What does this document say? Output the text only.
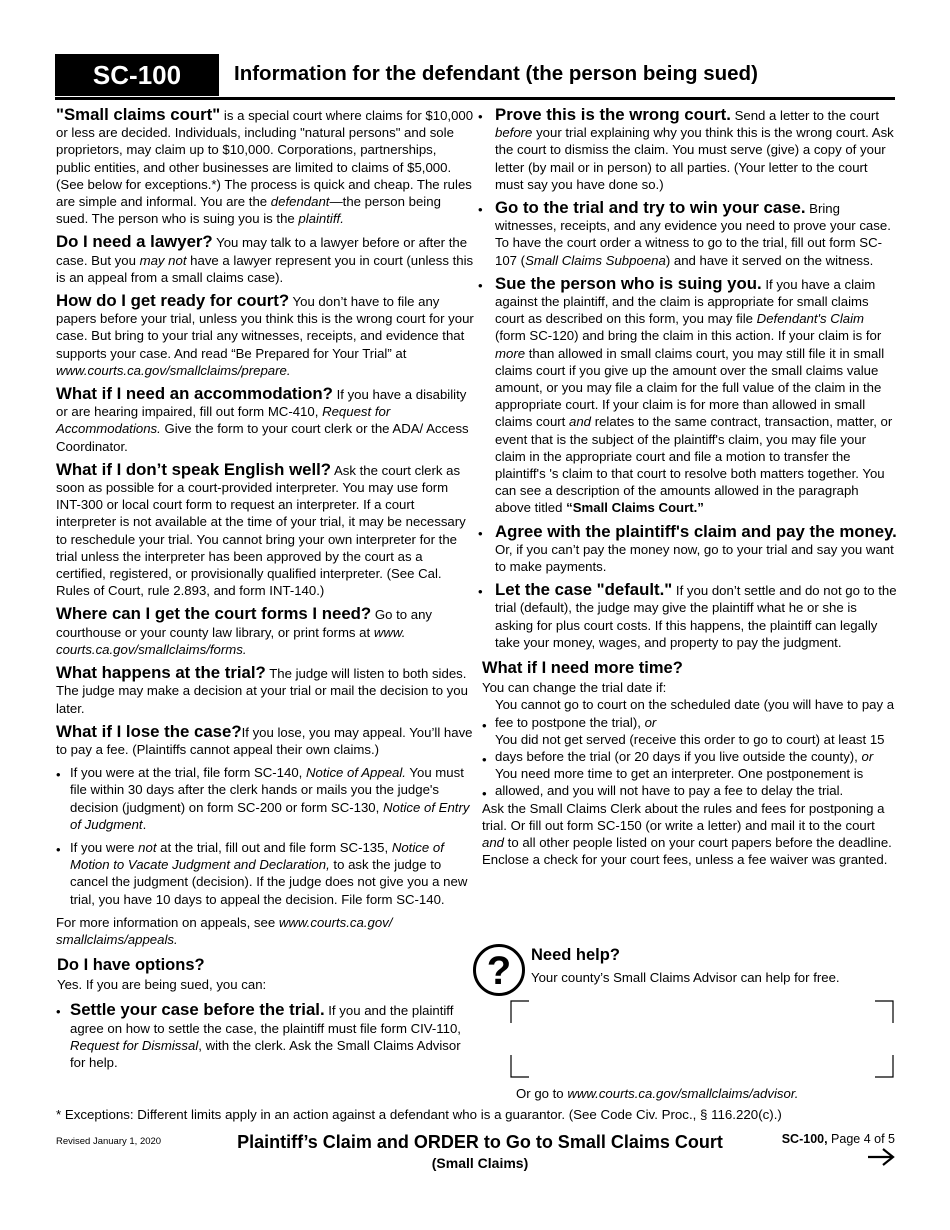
SC-100	Information for the defendant (the person being sued)

"Small claims court" is a special court where claims for $10,000 or less are decided. Individuals, including "natural persons" and sole proprietors, may claim up to $10,000. Corporations, partnerships, public entities, and other businesses are limited to claims of $5,000. (See below for exceptions.*) The process is quick and cheap. The rules are simple and informal. You are the defendant—the person being sued. The person who is suing you is the plaintiff.

Do I need a lawyer? You may talk to a lawyer before or after the case. But you may not have a lawyer represent you in court (unless this is an appeal from a small claims case).

How do I get ready for court? You don’t have to file any papers before your trial, unless you think this is the wrong court for your case. But bring to your trial any witnesses, receipts, and evidence that supports your case. And read “Be Prepared for Your Trial” at www.courts.ca.gov/smallclaims/prepare.

What if I need an accommodation? If you have a disability or are hearing impaired, fill out form MC-410, Request for Accommodations. Give the form to your court clerk or the ADA/ Access Coordinator.

What if I don’t speak English well? Ask the court clerk as soon as possible for a court-provided interpreter. You may use form INT-300 or local court form to request an interpreter. If a court interpreter is not available at the time of your trial, it may be necessary to reschedule your trial. You cannot bring your own interpreter for the trial unless the interpreter has been approved by the court as a certified, registered, or provisionally qualified interpreter. (See Cal. Rules of Court, rule 2.893, and form INT-140.)

Where can I get the court forms I need? Go to any courthouse or your county law library, or print forms at www. courts.ca.gov/smallclaims/forms.

What happens at the trial? The judge will listen to both sides. The judge may make a decision at your trial or mail the decision to you later.

What if I lose the case?If you lose, you may appeal. You’ll have to pay a fee. (Plaintiffs cannot appeal their own claims.)

• If you were at the trial, file form SC-140, Notice of Appeal. You must file within 30 days after the clerk hands or mails you the judge's decision (judgment) on form SC-200 or form SC-130, Notice of Entry of Judgment.
• If you were not at the trial, fill out and file form SC-135, Notice of Motion to Vacate Judgment and Declaration, to ask the judge to cancel the judgment (decision). If the judge does not give you a new trial, you have 10 days to appeal the decision. File form SC-140.

For more information on appeals, see www.courts.ca.gov/ smallclaims/appeals.

Do I have options?

Yes. If you are being sued, you can:

• Settle your case before the trial. If you and the plaintiff agree on how to settle the case, the plaintiff must file form CIV-110, Request for Dismissal, with the clerk. Ask the Small Claims Advisor for help.
• Prove this is the wrong court. Send a letter to the court before your trial explaining why you think this is the wrong court. Ask the court to dismiss the claim. You must serve (give) a copy of your letter (by mail or in person) to all parties. (Your letter to the court must say you have done so.)
• Go to the trial and try to win your case. Bring witnesses, receipts, and any evidence you need to prove your case. To have the court order a witness to go to the trial, fill out form SC-107 (Small Claims Subpoena) and have it served on the witness.
• Sue the person who is suing you. If you have a claim against the plaintiff, and the claim is appropriate for small claims court as described on this form, you may file Defendant's Claim (form SC-120) and bring the claim in this action. If your claim is for more than allowed in small claims court, you may still file it in small claims court if you give up the amount over the small claims value amount, or you may file a claim for the full value of the claim in the appropriate court. If your claim is for more than allowed in small claims court and relates to the same contract, transaction, matter, or event that is the subject of the plaintiff's claim, you may file your claim in the appropriate court and file a motion to transfer the plaintiff's 's claim to that court to resolve both matters together. You can see a description of the amounts allowed in the paragraph above titled “Small Claims Court.”
• Agree with the plaintiff's claim and pay the money. Or, if you can’t pay the money now, go to your trial and say you want to make payments.
• Let the case "default." If you don’t settle and do not go to the trial (default), the judge may give the plaintiff what he or she is asking for plus court costs. If this happens, the plaintiff can legally take your money, wages, and property to pay the judgment.
What if I need more time?

You can change the trial date if:

•
You cannot go to court on the scheduled date (you will have to pay a fee to postpone the trial), or
•
You did not get served (receive this order to go to court) at least 15 days before the trial (or 20 days if you live outside the county), or
•
You need more time to get an interpreter. One postponement is allowed, and you will not have to pay a fee to delay the trial.

Ask the Small Claims Clerk about the rules and fees for postponing a trial. Or fill out form SC-150 (or write a letter) and mail it to the court and to all other people listed on your court papers before the deadline. Enclose a check for your court fees, unless a fee waiver was granted.

?	Need help?
Your county’s Small Claims Advisor can help for free.
Or go to www.courts.ca.gov/smallclaims/advisor.
* Exceptions: Different limits apply in an action against a defendant who is a guarantor. (See Code Civ. Proc., § 116.220(c).)
Revised January 1, 2020	Plaintiff’s Claim and ORDER to Go to Small Claims Court
(Small Claims)
SC-100, Page 4 of 5
